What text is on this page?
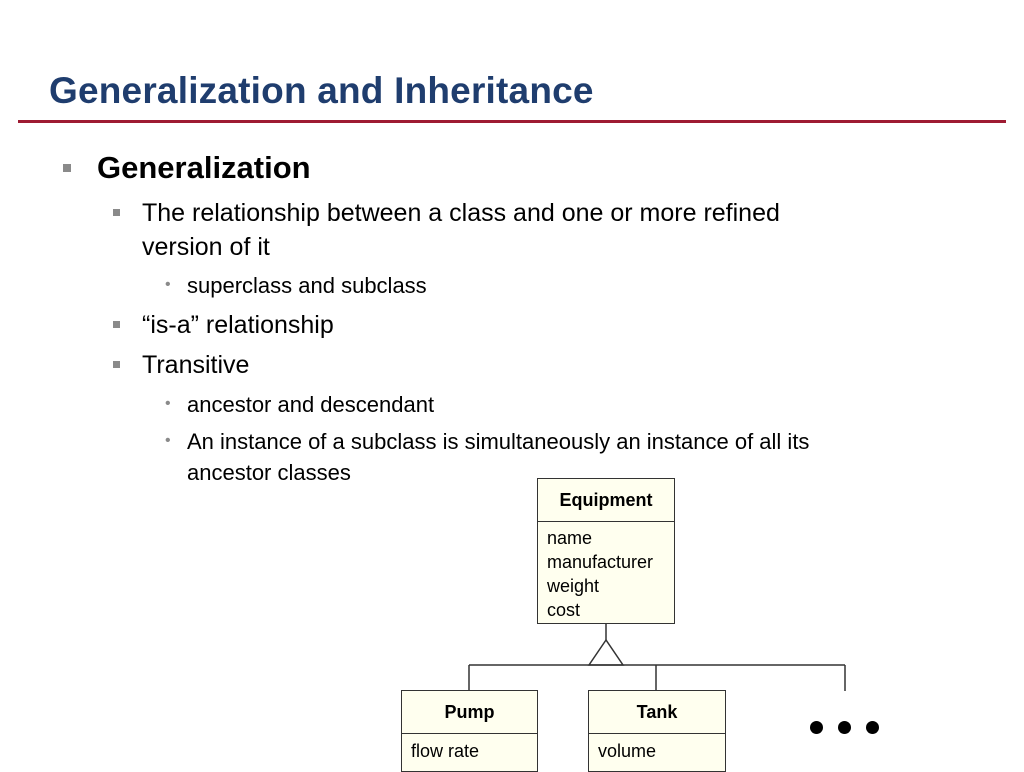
Generalization and Inheritance
Generalization
The relationship between a class and one or more refined
version of it
• superclass and subclass
“is-a” relationship
Transitive
• ancestor and descendant
• An instance of a subclass is simultaneously an instance of all its
ancestor classes
Equipment
name
manufacturer
weight
cost
Pump
flow rate
Tank
volume
